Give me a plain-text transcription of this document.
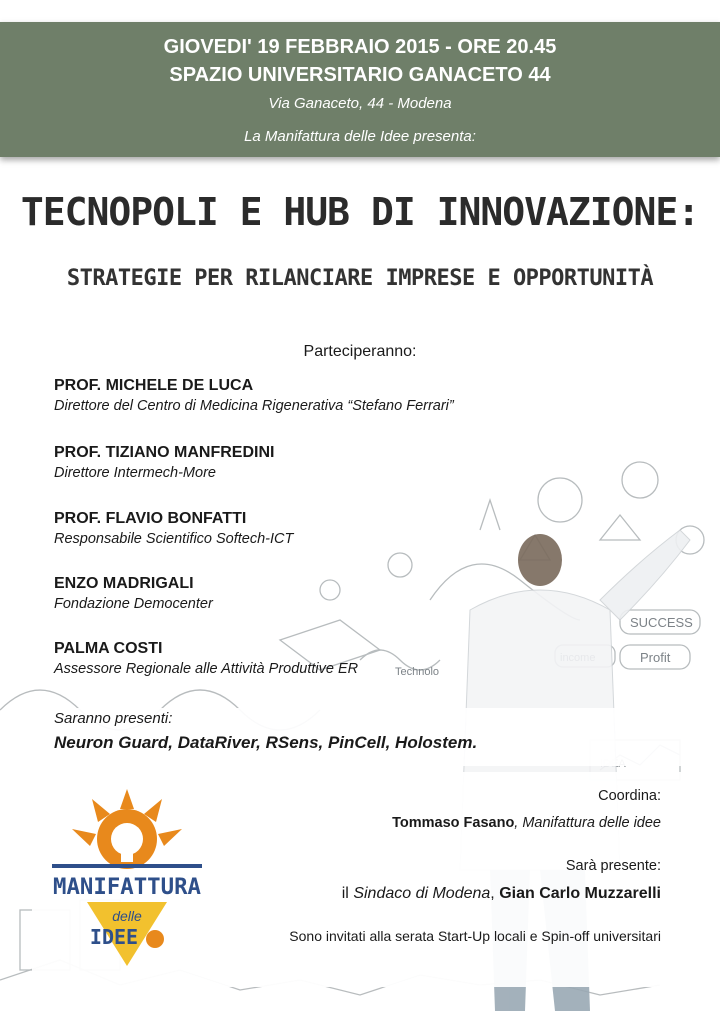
SUCCESS
Profit
Technolo
GIOVEDI' 19 FEBBRAIO 2015 - ORE 20.45
SPAZIO UNIVERSITARIO GANACETO 44
Via Ganaceto, 44 - Modena
La Manifattura delle Idee presenta:
TECNOPOLI E HUB DI INNOVAZIONE:
STRATEGIE PER RILANCIARE IMPRESE E OPPORTUNITÀ
Parteciperanno:
PROF. MICHELE DE LUCA
Direttore del Centro di Medicina Rigenerativa “Stefano Ferrari”
PROF. TIZIANO MANFREDINI
Direttore Intermech-More
PROF. FLAVIO BONFATTI
Responsabile Scientifico Softech-ICT
ENZO MADRIGALI
Fondazione Democenter
PALMA COSTI
Assessore Regionale alle Attività Produttive ER
Saranno presenti:
Neuron Guard, DataRiver, RSens, PinCell, Holostem.
MANIFATTURA
delle
IDEE
Coordina:
Tommaso Fasano, Manifattura delle idee
Sarà presente:
il Sindaco di Modena, Gian Carlo Muzzarelli
Sono invitati alla serata Start-Up locali e Spin-off universitari
